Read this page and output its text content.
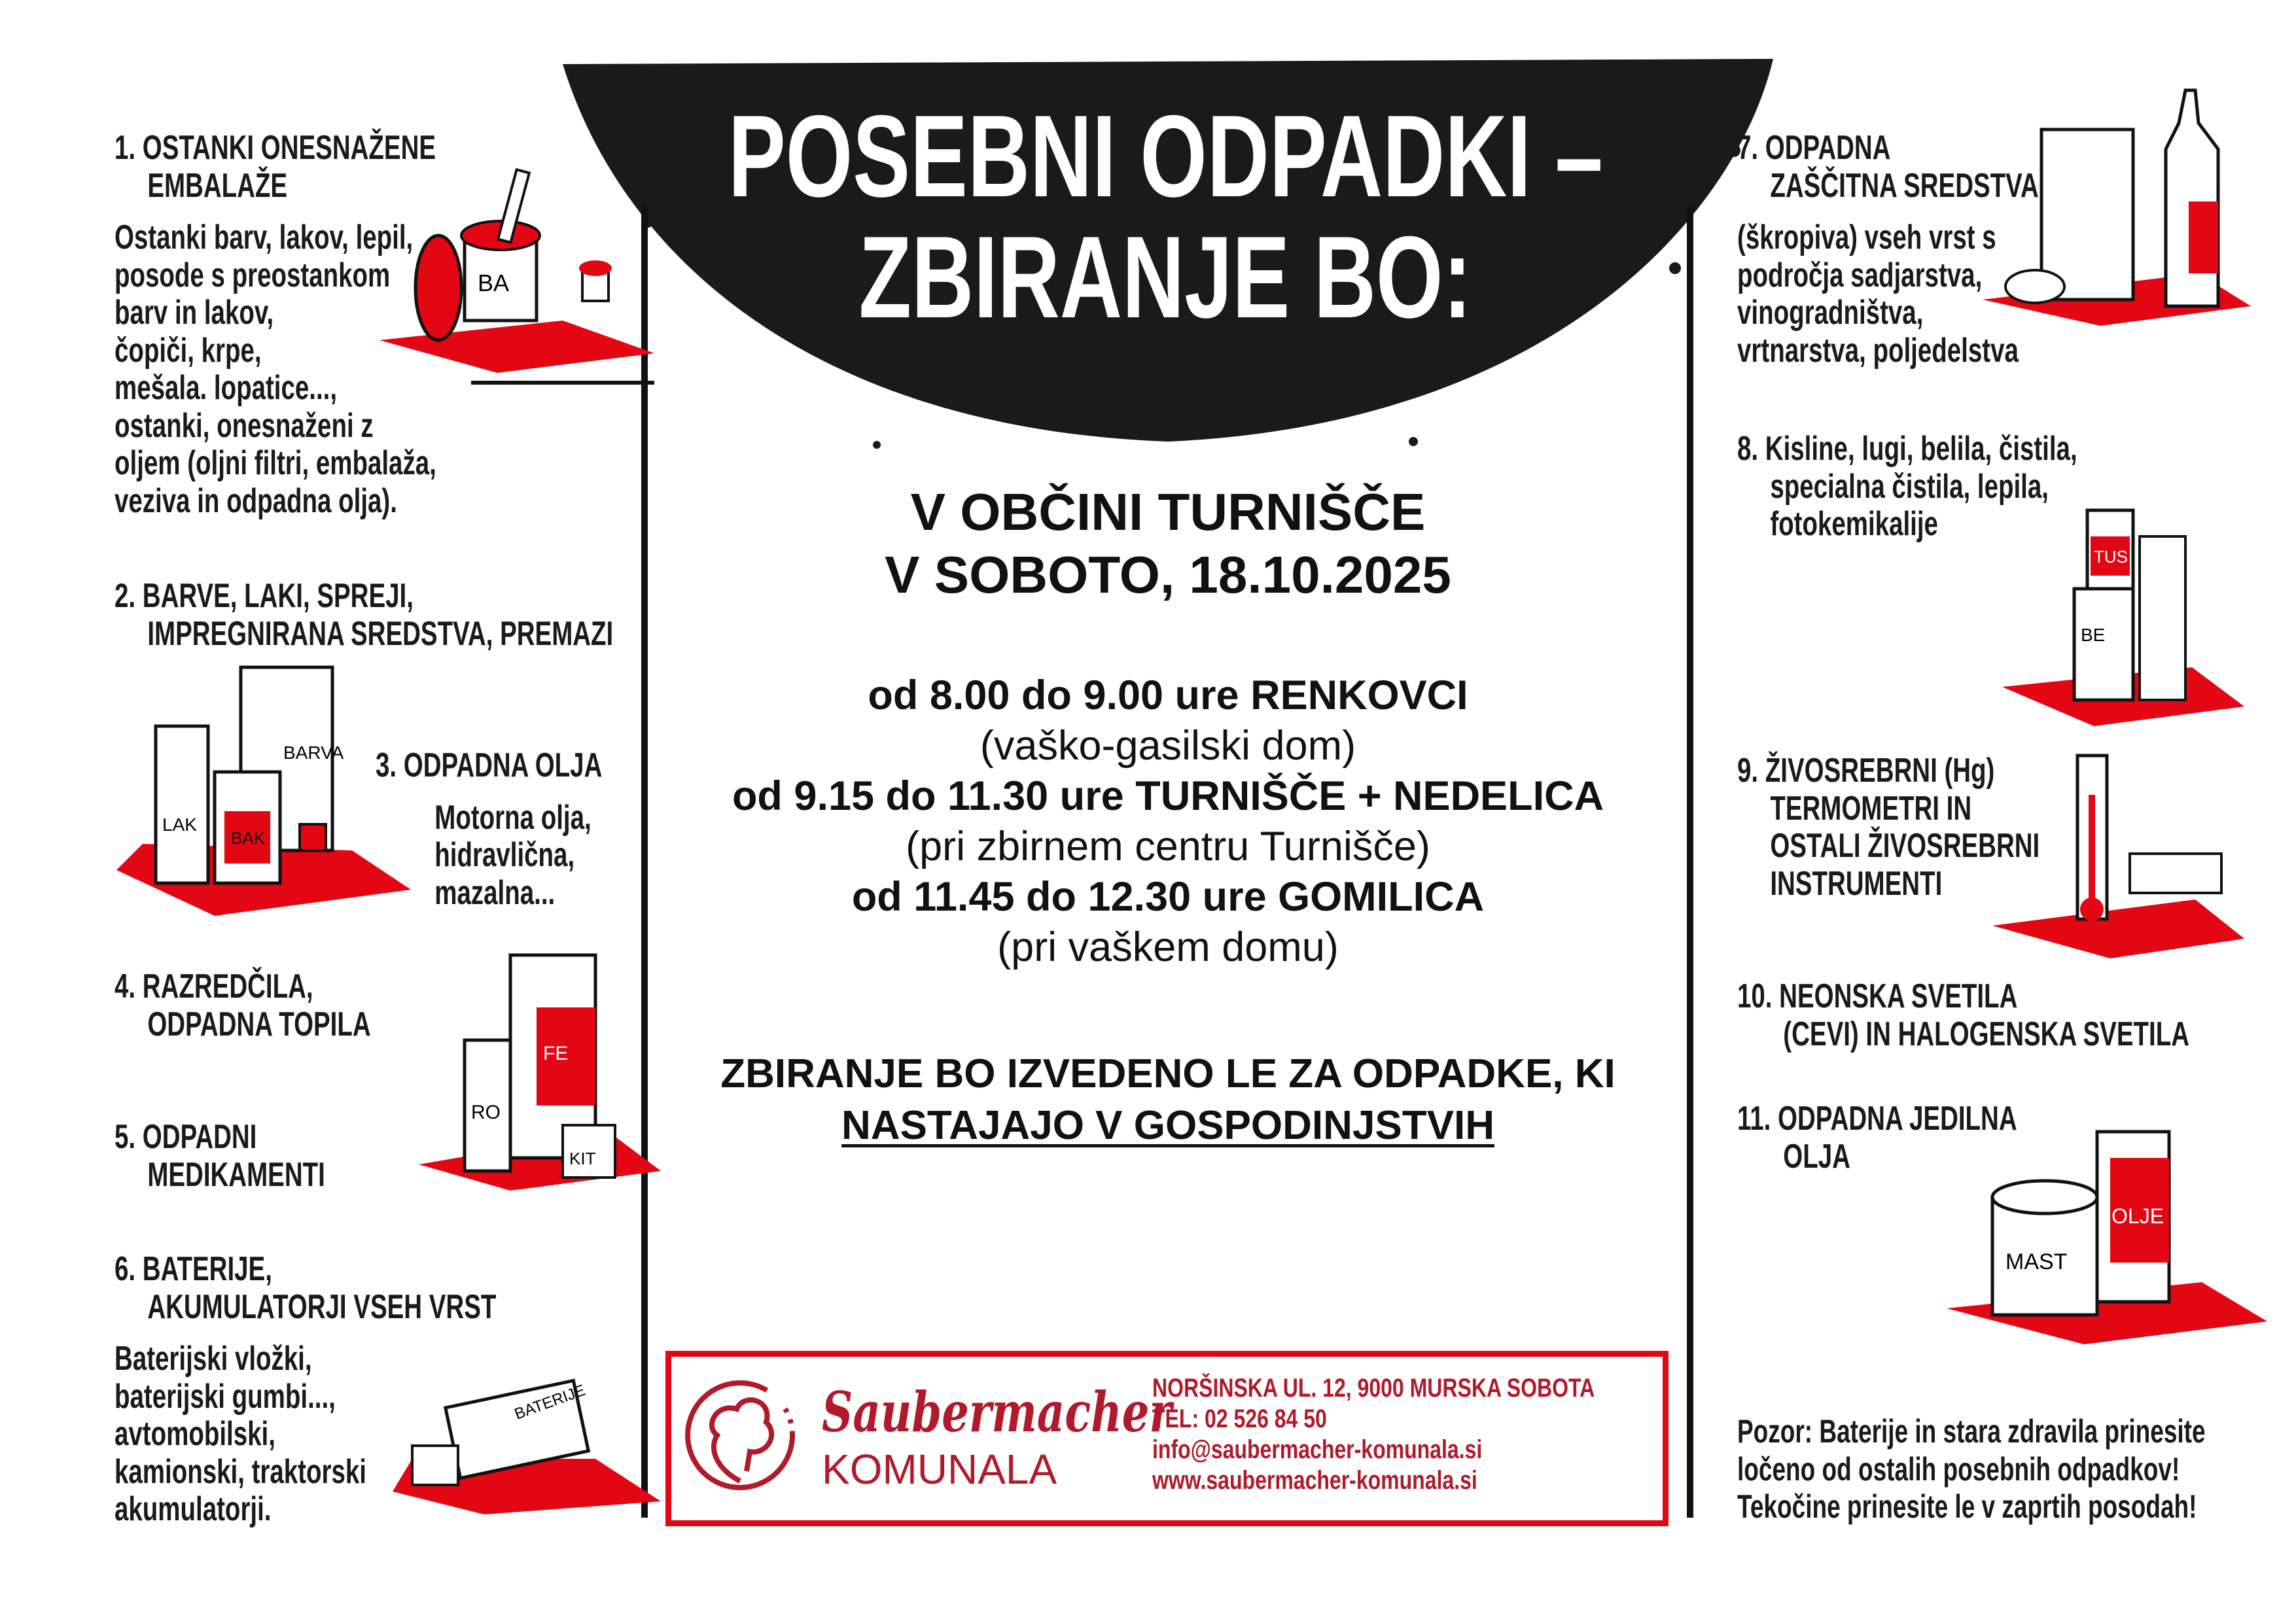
POSEBNI ODPADKI –
ZBIRANJE BO:
V OBČINI TURNIŠČE
V SOBOTO, 18.10.2025
od 8.00 do 9.00 ure RENKOVCI
(vaško-gasilski dom)
od 9.15 do 11.30 ure TURNIŠČE + NEDELICA
(pri zbirnem centru Turnišče)
od 11.45 do 12.30 ure GOMILICA
(pri vaškem domu)
ZBIRANJE BO IZVEDENO LE ZA ODPADKE, KI
NASTAJAJO V GOSPODINJSTVIH
Saubermacher
KOMUNALA
NORŠINSKA UL. 12, 9000 MURSKA SOBOTA
TEL: 02 526 84 50
info@saubermacher-komunala.si
www.saubermacher-komunala.si
1. OSTANKI ONESNAŽENE
EMBALAŽE
Ostanki barv, lakov, lepil,
posode s preostankom
barv in lakov,
čopiči, krpe,
mešala. lopatice...,
ostanki, onesnaženi z
oljem (oljni filtri, embalaža,
veziva in odpadna olja).
2. BARVE, LAKI, SPREJI,
IMPREGNIRANA SREDSTVA, PREMAZI
3. ODPADNA OLJA
Motorna olja,
hidravlična,
mazalna...
4. RAZREDČILA,
ODPADNA TOPILA
5. ODPADNI
MEDIKAMENTI
6. BATERIJE,
AKUMULATORJI VSEH VRST
Baterijski vložki,
baterijski gumbi...,
avtomobilski,
kamionski, traktorski
akumulatorji.
7. ODPADNA
ZAŠČITNA SREDSTVA
(škropiva) vseh vrst s
področja sadjarstva,
vinogradništva,
vrtnarstva, poljedelstva
8. Kisline, lugi, belila, čistila,
specialna čistila, lepila,
fotokemikalije
9. ŽIVOSREBRNI (Hg)
TERMOMETRI IN
OSTALI ŽIVOSREBRNI
INSTRUMENTI
10. NEONSKA SVETILA
(CEVI) IN HALOGENSKA SVETILA
11. ODPADNA JEDILNA
OLJA
Pozor: Baterije in stara zdravila prinesite
ločeno od ostalih posebnih odpadkov!
Tekočine prinesite le v zaprtih posodah!
BA
BARVA
LAK
BAK
FE
RO
KIT
BATERIJE
TUS
BE
MAST
OLJE
